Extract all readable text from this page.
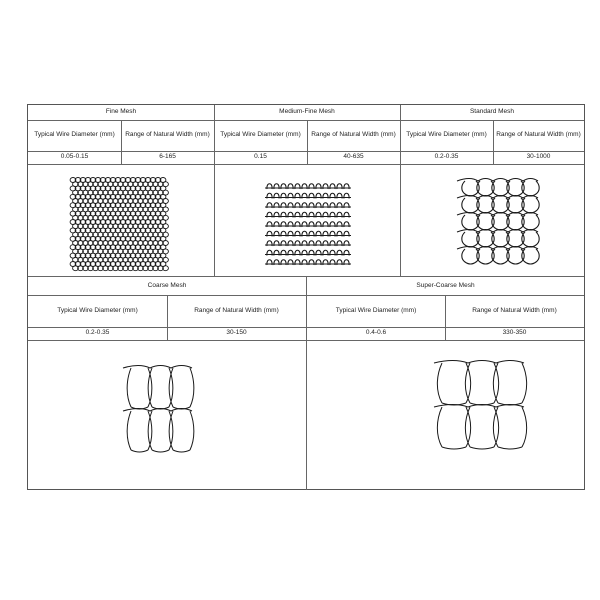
Fine Mesh
Typical Wire Diameter (mm)	Range of Natural Width (mm)
0.05-0.15	6-165
Medium-Fine Mesh
Typical Wire Diameter (mm)	Range of Natural Width (mm)
0.15	40-635
Standard Mesh
Typical Wire Diameter (mm)	Range of Natural Width (mm)
0.2-0.35	30-1000
Coarse Mesh
Typical Wire Diameter (mm)	Range of Natural Width (mm)
0.2-0.35	30-150
Super-Coarse Mesh
Typical Wire Diameter (mm)	Range of Natural Width (mm)
0.4-0.6	330-350
